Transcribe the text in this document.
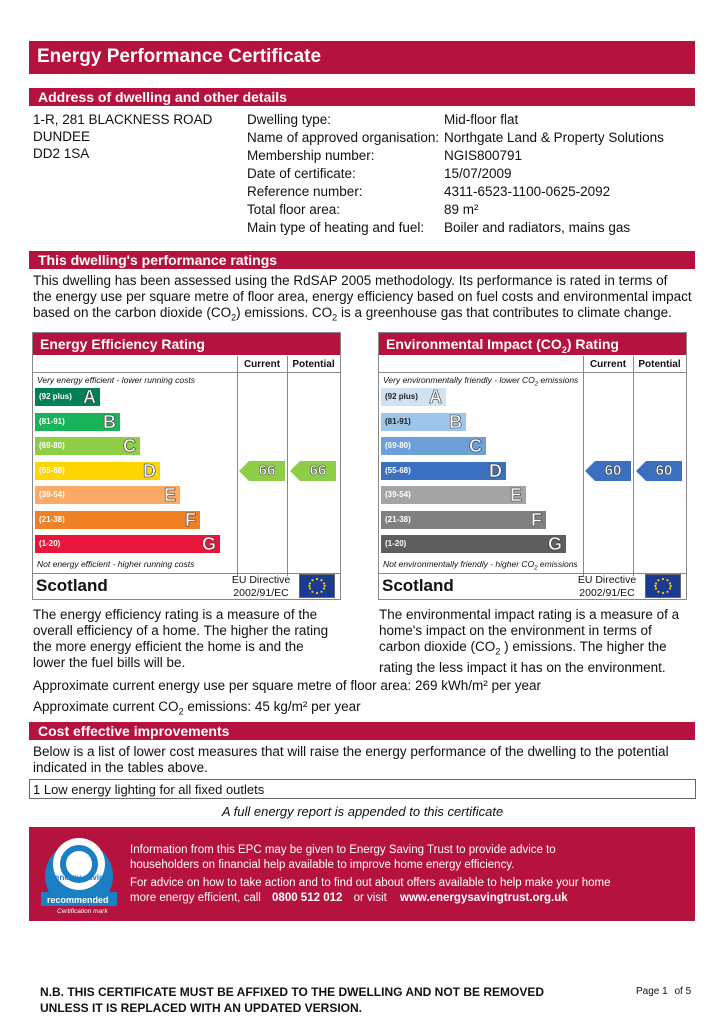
Energy Performance Certificate
Address of dwelling and other details
1-R, 281 BLACKNESS ROAD
DUNDEE
DD2 1SA
Dwelling type:	Mid-floor flat
Name of approved organisation: Northgate Land & Property Solutions
Membership number:	NGIS800791
Date of certificate:	15/07/2009
Reference number:	4311-6523-1100-0625-2092
Total floor area:	89 m²
Main type of heating and fuel: Boiler and radiators, mains gas
This dwelling's performance ratings
This dwelling has been assessed using the RdSAP 2005 methodology. Its performance is rated in terms of
the energy use per square metre of floor area, energy efficiency based on fuel costs and environmental impact
based on the carbon dioxide $(CO_2)$ emissions. $CO_2$ is a greenhouse gas that contributes to climate change.
Energy Efficiency Rating
Current	Potential
Very energy efficient - lower running costs
(92 plus) A
(81-91) B
(69-80)	C
(55-68)	D
(39-54)	E
(21-38)	F
(1-20)	G
66	66
Not energy efficient - higher running costs
Scotland	EU Directive
2002/91/EC
Environmental Impact $(CO_2)$ Rating
Current	Potential
Very environmentally friendly - lower $CO_2$ emissions
(92 plus) A
(81-91) B
(69-80)	C
(55-68)	D
(39-54)	E
(21-38)	F
(1-20)	G
60	60
Not environmentally friendly - higher $CO_2$ emissions
Scotland	EU Directive
2002/91/EC
The energy efficiency rating is a measure of the
overall efficiency of a home. The higher the rating
the more energy efficient the home is and the
lower the fuel bills will be.
The environmental impact rating is a measure of a
home's impact on the environment in terms of
carbon dioxide ($CO_2$ ) emissions. The higher the
rating the less impact it has on the environment.
Approximate current energy use per square metre of floor area: 269 kWh/m² per year
Approximate current $CO_2$ emissions: 45 kg/m² per year
Cost effective improvements
Below is a list of lower cost measures that will raise the energy performance of the dwelling to the potential
indicated in the tables above.
1 Low energy lighting for all fixed outlets
A full energy report is appended to this certificate
energy saving
recommended
Certification mark
Information from this EPC may be given to Energy Saving Trust to provide advice to
householders on financial help available to improve home energy efficiency.
For advice on how to take action and to find out about offers available to help make your home
more energy efficient, call 0800 512 012 or visit www.energysavingtrust.org.uk
N.B. THIS CERTIFICATE MUST BE AFFIXED TO THE DWELLING AND NOT BE REMOVED
UNLESS IT IS REPLACED WITH AN UPDATED VERSION.
Page 1 of 5
